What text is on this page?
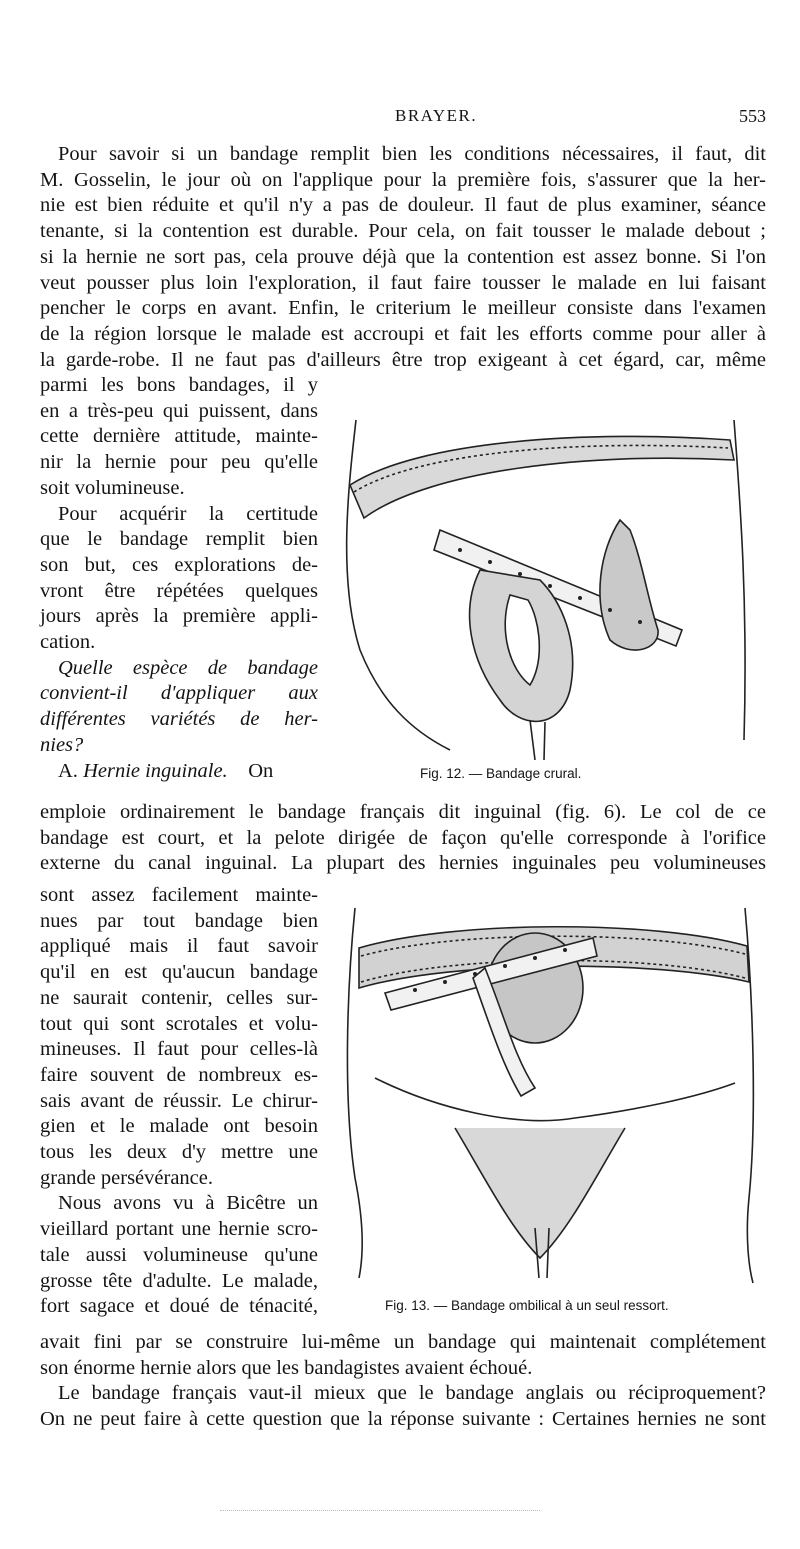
BRAYER.	553
Pour savoir si un bandage remplit bien les conditions nécessaires, il faut, dit
M. Gosselin, le jour où on l'applique pour la première fois, s'assurer que la her-
nie est bien réduite et qu'il n'y a pas de douleur. Il faut de plus examiner, séance
tenante, si la contention est durable. Pour cela, on fait tousser le malade debout ;
si la hernie ne sort pas, cela prouve déjà que la contention est assez bonne. Si l'on
veut pousser plus loin l'exploration, il faut faire tousser le malade en lui faisant
pencher le corps en avant. Enfin, le criterium le meilleur consiste dans l'examen
de la région lorsque le malade est accroupi et fait les efforts comme pour aller à
la garde-robe. Il ne faut pas d'ailleurs être trop exigeant à cet égard, car, même
parmi les bons bandages, il y
en a très-peu qui puissent, dans
cette dernière attitude, mainte-
nir la hernie pour peu qu'elle
soit volumineuse.
Pour acquérir la certitude
que le bandage remplit bien
son but, ces explorations de-
vront être répétées quelques
jours après la première appli-
cation.
Quelle espèce de bandage
convient-il d'appliquer aux
différentes variétés de her-
nies?
A. Hernie inguinale. On	Fig. 12. — Bandage crural.
emploie ordinairement le bandage français dit inguinal (fig. 6). Le col de ce
bandage est court, et la pelote dirigée de façon qu'elle corresponde à l'orifice
externe du canal inguinal. La plupart des hernies inguinales peu volumineuses
sont assez facilement mainte-
nues par tout bandage bien
appliqué mais il faut savoir
qu'il en est qu'aucun bandage
ne saurait contenir, celles sur-
tout qui sont scrotales et volu-
mineuses. Il faut pour celles-là
faire souvent de nombreux es-
sais avant de réussir. Le chirur-
gien et le malade ont besoin
tous les deux d'y mettre une
grande persévérance.
Nous avons vu à Bicêtre un
vieillard portant une hernie scro-
tale aussi volumineuse qu'une
grosse tête d'adulte. Le malade,
fort sagace et doué de ténacité,	Fig. 13. — Bandage ombilical à un seul ressort.
avait fini par se construire lui-même un bandage qui maintenait complétement
son énorme hernie alors que les bandagistes avaient échoué.
Le bandage français vaut-il mieux que le bandage anglais ou réciproquement?
On ne peut faire à cette question que la réponse suivante : Certaines hernies ne sont
